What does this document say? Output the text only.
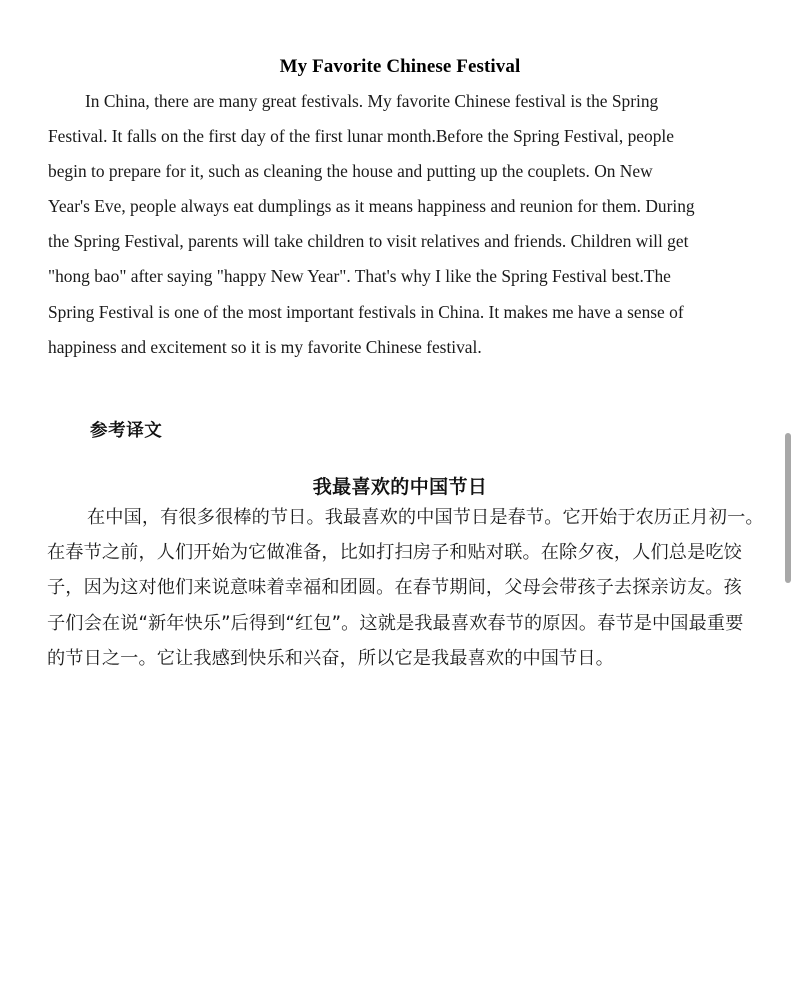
My Favorite Chinese Festival
In China, there are many great festivals. My favorite Chinese festival is the Spring
Festival. It falls on the first day of the first lunar month.Before the Spring Festival, people
begin to prepare for it, such as cleaning the house and putting up the couplets. On New
Year's Eve, people always eat dumplings as it means happiness and reunion for them. During
the Spring Festival, parents will take children to visit relatives and friends. Children will get
"hong bao" after saying "happy New Year". That's why I like the Spring Festival best.The
Spring Festival is one of the most important festivals in China. It makes me have a sense of
happiness and excitement so it is my favorite Chinese festival.
参考译文
我最喜欢的中国节日
在中国，有很多很棒的节日。我最喜欢的中国节日是春节。它开始于农历正月初一。
在春节之前，人们开始为它做准备，比如打扫房子和贴对联。在除夕夜，人们总是吃饺
子，因为这对他们来说意味着幸福和团圆。在春节期间，父母会带孩子去探亲访友。孩
子们会在说“新年快乐”后得到“红包”。这就是我最喜欢春节的原因。春节是中国最重要
的节日之一。它让我感到快乐和兴奋，所以它是我最喜欢的中国节日。
